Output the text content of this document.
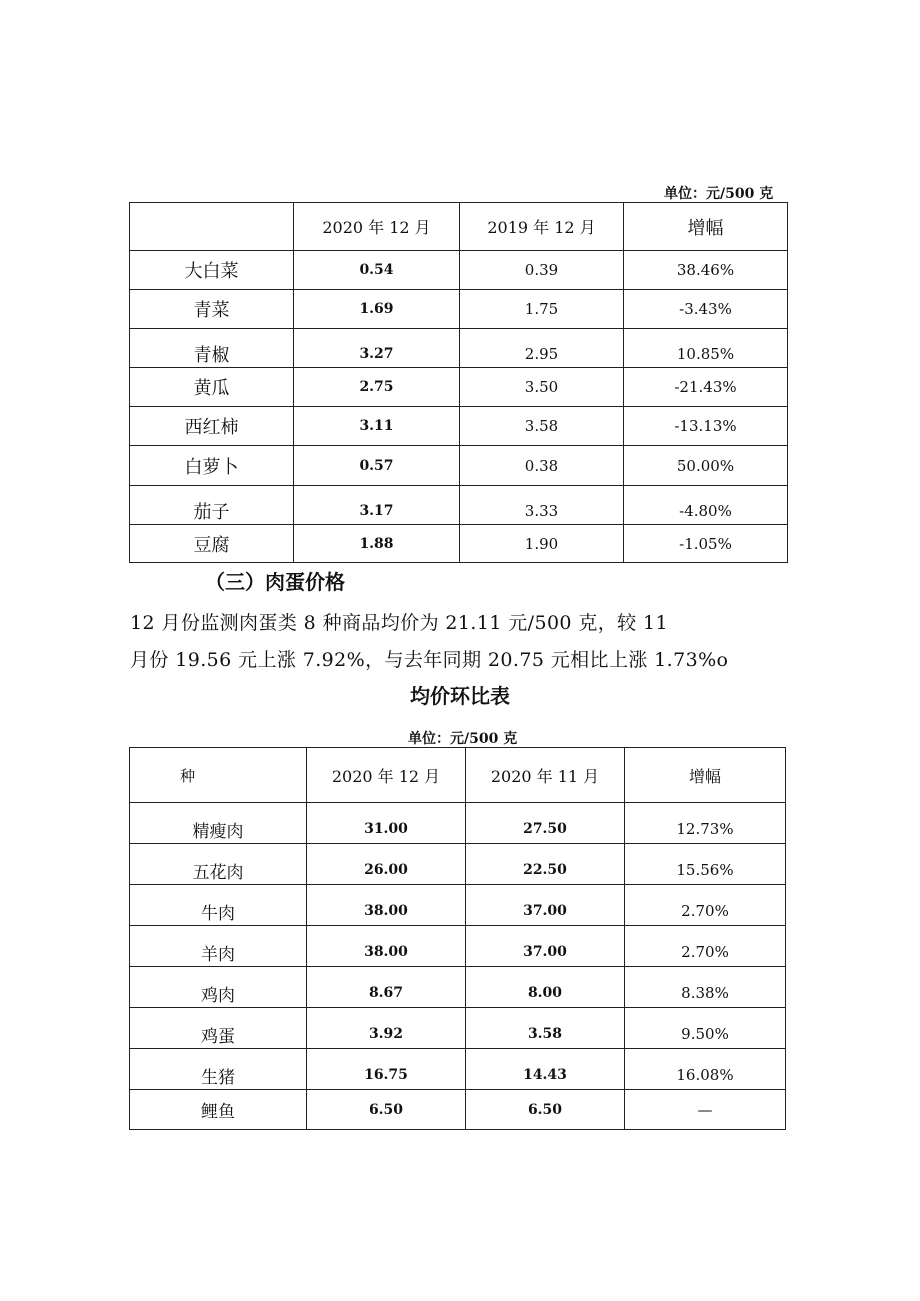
单位：元/500 克
	2020 年 12 月	2019 年 12 月	增幅
大白菜	0.54	0.39	38.46%
青菜	1.69	1.75	-3.43%
青椒	3.27	2.95	10.85%
黄瓜	2.75	3.50	-21.43%
西红柿	3.11	3.58	-13.13%
白萝卜	0.57	0.38	50.00%
茄子	3.17	3.33	-4.80%
豆腐	1.88	1.90	-1.05%
（三）肉蛋价格
12 月份监测肉蛋类 8 种商品均价为 21.11 元/500 克，较 11
月份 19.56 元上涨 7.92%，与去年同期 20.75 元相比上涨 1.73%o
均价环比表
单位：元/500 克
种	2020 年 12 月	2020 年 11 月	增幅
精瘦肉	31.00	27.50	12.73%
五花肉	26.00	22.50	15.56%
牛肉	38.00	37.00	2.70%
羊肉	38.00	37.00	2.70%
鸡肉	8.67	8.00	8.38%
鸡蛋	3.92	3.58	9.50%
生猪	16.75	14.43	16.08%
鲤鱼	6.50	6.50	—
